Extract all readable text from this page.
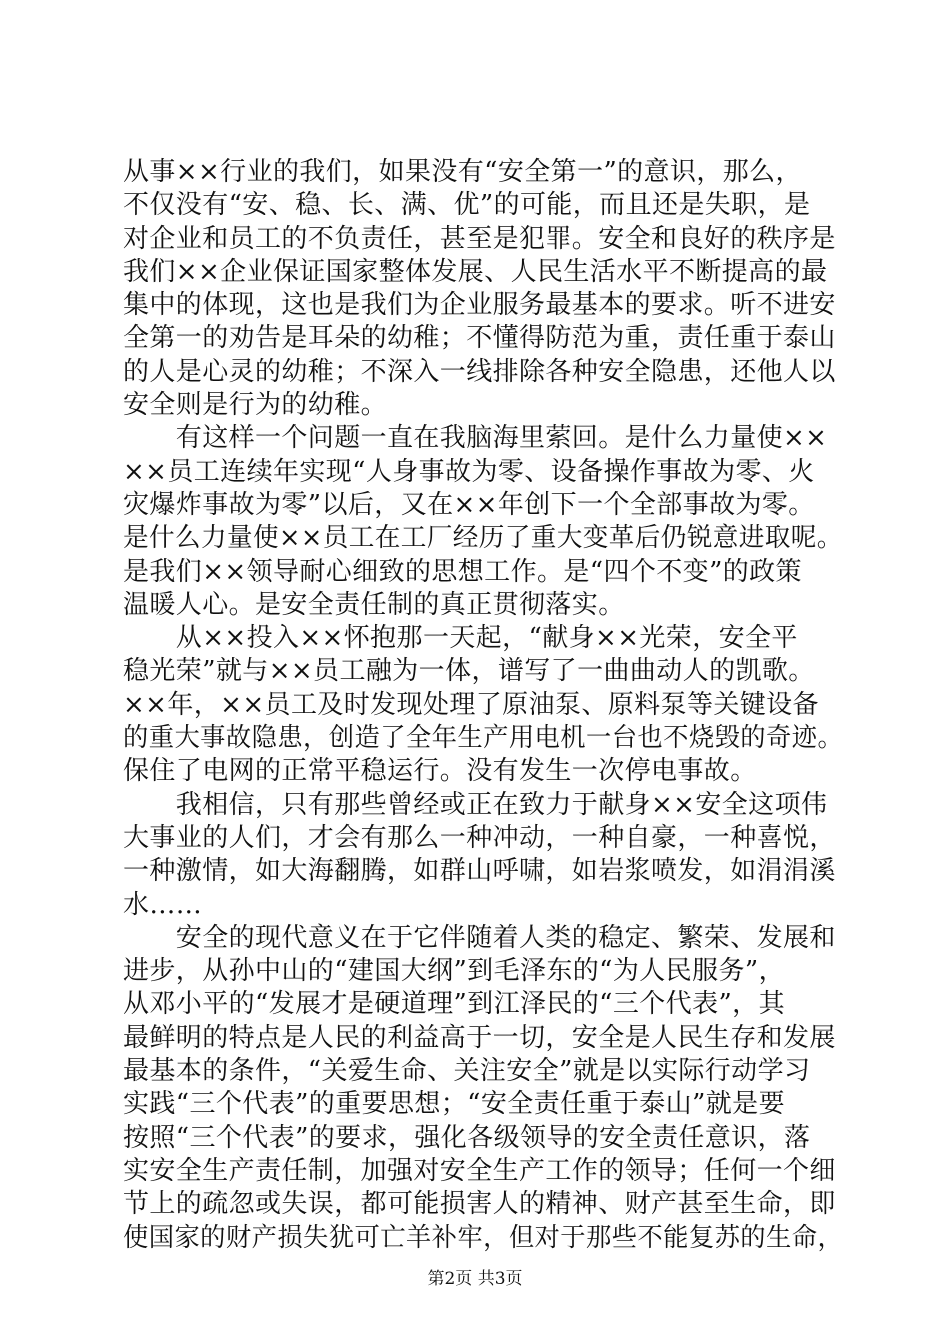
从事××行业的我们，如果没有“安全第一”的意识，那么，
不仅没有“安、稳、长、满、优”的可能，而且还是失职，是
对企业和员工的不负责任，甚至是犯罪。安全和良好的秩序是
我们××企业保证国家整体发展、人民生活水平不断提高的最
集中的体现，这也是我们为企业服务最基本的要求。听不进安
全第一的劝告是耳朵的幼稚；不懂得防范为重，责任重于泰山
的人是心灵的幼稚；不深入一线排除各种安全隐患，还他人以
安全则是行为的幼稚。
　　有这样一个问题一直在我脑海里萦回。是什么力量使××
××员工连续年实现“人身事故为零、设备操作事故为零、火
灾爆炸事故为零”以后，又在××年创下一个全部事故为零。
是什么力量使××员工在工厂经历了重大变革后仍锐意进取呢。
是我们××领导耐心细致的思想工作。是“四个不变”的政策
温暖人心。是安全责任制的真正贯彻落实。
　　从××投入××怀抱那一天起，“献身××光荣，安全平
稳光荣”就与××员工融为一体，谱写了一曲曲动人的凯歌。
××年，××员工及时发现处理了原油泵、原料泵等关键设备
的重大事故隐患，创造了全年生产用电机一台也不烧毁的奇迹。
保住了电网的正常平稳运行。没有发生一次停电事故。
　　我相信，只有那些曾经或正在致力于献身××安全这项伟
大事业的人们，才会有那么一种冲动，一种自豪，一种喜悦，
一种激情，如大海翻腾，如群山呼啸，如岩浆喷发，如涓涓溪
水……
　　安全的现代意义在于它伴随着人类的稳定、繁荣、发展和
进步，从孙中山的“建国大纲”到毛泽东的“为人民服务”，
从邓小平的“发展才是硬道理”到江泽民的“三个代表”，其
最鲜明的特点是人民的利益高于一切，安全是人民生存和发展
最基本的条件，“关爱生命、关注安全”就是以实际行动学习
实践“三个代表”的重要思想；“安全责任重于泰山”就是要
按照“三个代表”的要求，强化各级领导的安全责任意识，落
实安全生产责任制，加强对安全生产工作的领导；任何一个细
节上的疏忽或失误，都可能损害人的精神、财产甚至生命，即
使国家的财产损失犹可亡羊补牢，但对于那些不能复苏的生命，
第2页 共3页
